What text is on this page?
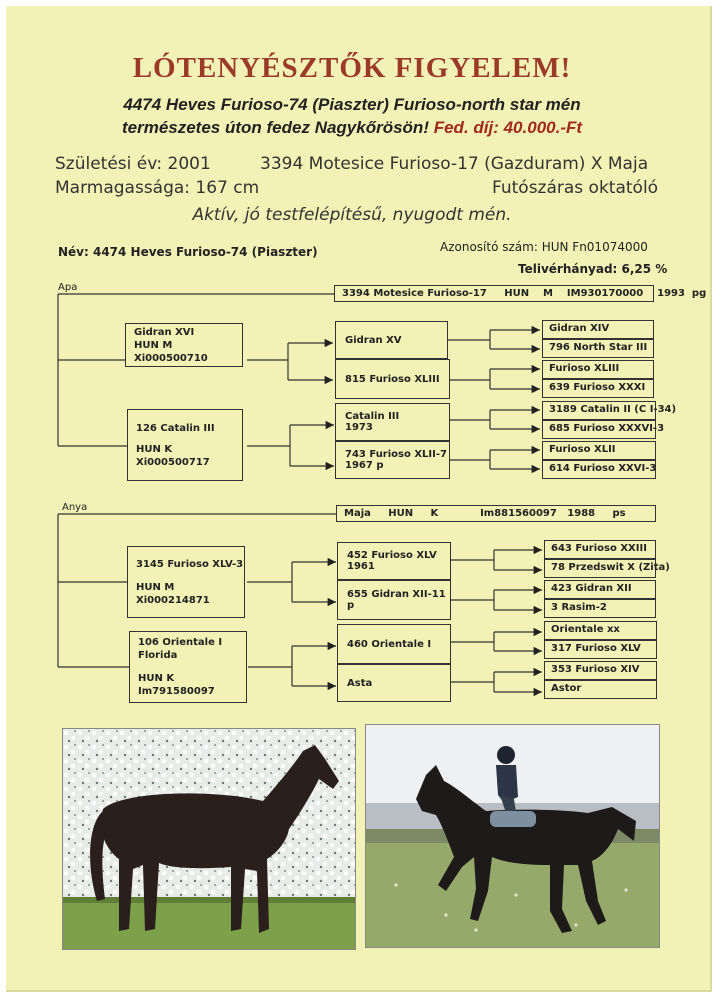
LÓTENYÉSZTŐK FIGYELEM!
4474 Heves Furioso-74 (Piaszter) Furioso-north star mén
természetes úton fedez Nagykőrösön! Fed. díj: 40.000.-Ft
Születési év: 2001	3394 Motesice Furioso-17 (Gazduram) X Maja
Marmagassága: 167 cm	Futószáras oktatóló
Aktív, jó testfelépítésű, nyugodt mén.
Név: 4474 Heves Furioso-74 (Piaszter)	Azonosító szám: HUN Fn01074000
Telivérhányad: 6,25 %
Apa
3394 Motesice Furioso-17     HUN    M    IM930170000    1993  pg
Gidran XVI
HUN M Xi000500710
126 Catalin III
HUN K Xi000500717
Gidran XV
815 Furioso XLIII
Catalin III
1973
743 Furioso XLII-7
1967 p
Gidran XIV
796 North Star III
Furioso XLIII
639 Furioso XXXI
3189 Catalin II (C I-34)
685 Furioso XXXVI-3
Furioso XLII
614 Furioso XXVI-3
Anya
Maja     HUN     K            Im881560097   1988     ps
3145 Furioso XLV-3
HUN M Xi000214871
106 Orientale I Florida
HUN K Im791580097
452 Furioso XLV
1961
655 Gidran XII-11
p
460 Orientale I
Asta
643 Furioso XXIII
78 Przedswit X (Zita)
423 Gidran XII
3 Rasim-2
Orientale xx
317 Furioso XLV
353 Furioso XIV
Astor
